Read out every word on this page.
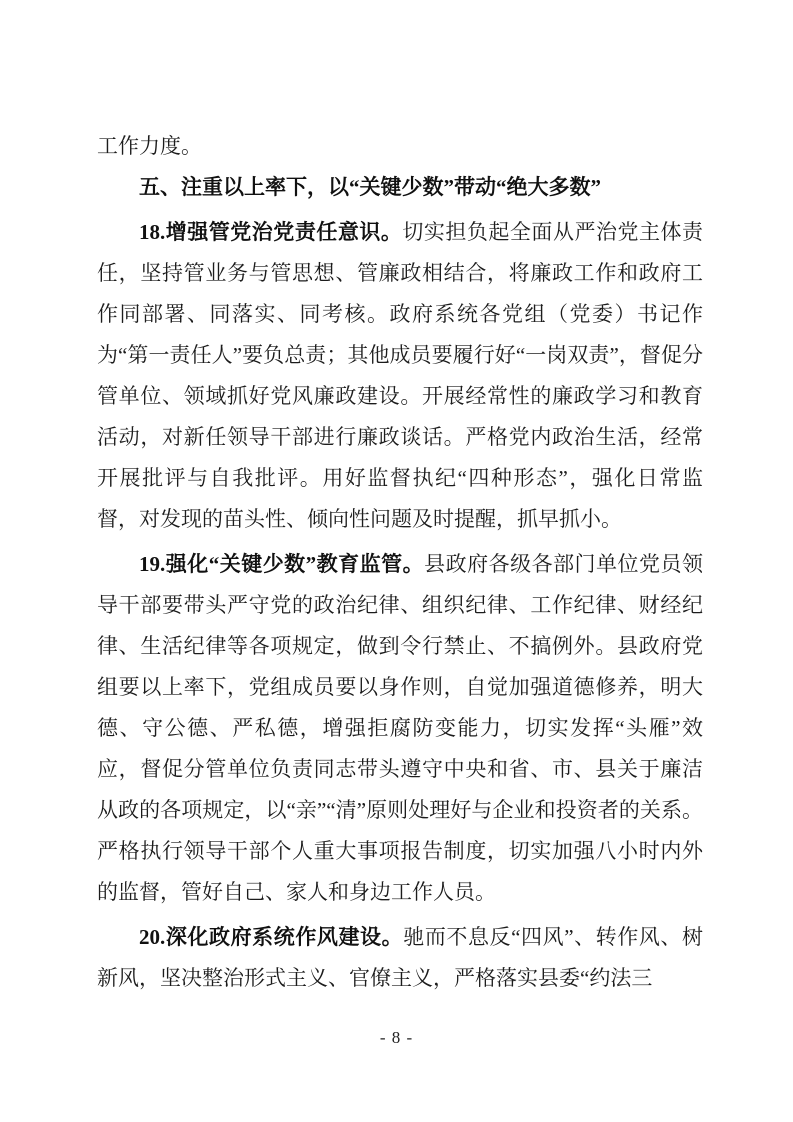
工作力度。

五、注重以上率下，以“关键少数”带动“绝大多数”

18.增强管党治党责任意识。切实担负起全面从严治党主体责任，坚持管业务与管思想、管廉政相结合，将廉政工作和政府工作同部署、同落实、同考核。政府系统各党组（党委）书记作为“第一责任人”要负总责；其他成员要履行好“一岗双责”，督促分管单位、领域抓好党风廉政建设。开展经常性的廉政学习和教育活动，对新任领导干部进行廉政谈话。严格党内政治生活，经常开展批评与自我批评。用好监督执纪“四种形态”，强化日常监督，对发现的苗头性、倾向性问题及时提醒，抓早抓小。

19.强化“关键少数”教育监管。县政府各级各部门单位党员领导干部要带头严守党的政治纪律、组织纪律、工作纪律、财经纪律、生活纪律等各项规定，做到令行禁止、不搞例外。县政府党组要以上率下，党组成员要以身作则，自觉加强道德修养，明大德、守公德、严私德，增强拒腐防变能力，切实发挥“头雁”效应，督促分管单位负责同志带头遵守中央和省、市、县关于廉洁从政的各项规定，以“亲”“清”原则处理好与企业和投资者的关系。严格执行领导干部个人重大事项报告制度，切实加强八小时内外的监督，管好自己、家人和身边工作人员。

20.深化政府系统作风建设。驰而不息反“四风”、转作风、树新风，坚决整治形式主义、官僚主义，严格落实县委“约法三

- 8 -
